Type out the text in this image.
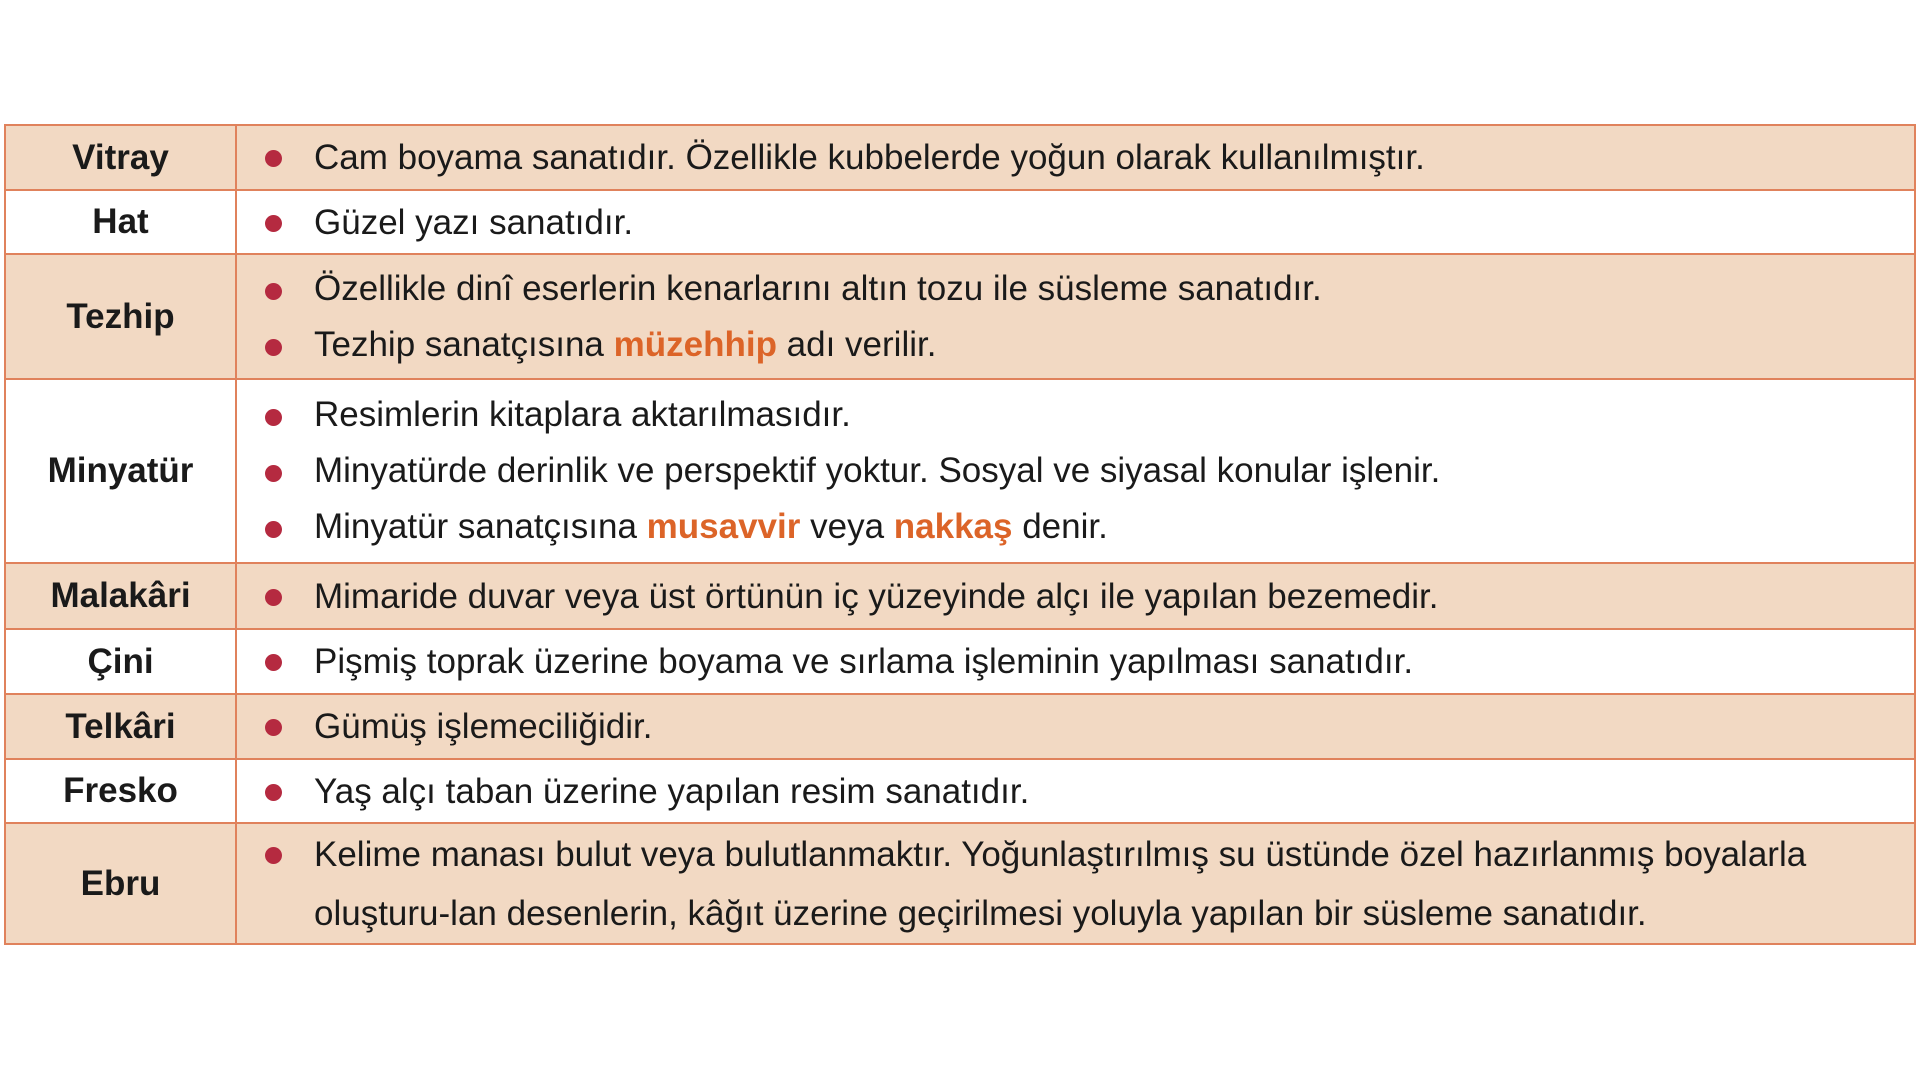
Vitray	Cam boyama sanatıdır. Özellikle kubbelerde yoğun olarak kullanılmıştır.

Hat	Güzel yazı sanatıdır.

Tezhip	Özellikle dinî eserlerin kenarlarını altın tozu ile süsleme sanatıdır.
Tezhip sanatçısına müzehhip adı verilir.

Minyatür	Resimlerin kitaplara aktarılmasıdır.
Minyatürde derinlik ve perspektif yoktur. Sosyal ve siyasal konular işlenir.
Minyatür sanatçısına musavvir veya nakkaş denir.

Malakâri	Mimaride duvar veya üst örtünün iç yüzeyinde alçı ile yapılan bezemedir.

Çini	Pişmiş toprak üzerine boyama ve sırlama işleminin yapılması sanatıdır.

Telkâri	Gümüş işlemeciliğidir.

Fresko	Yaş alçı taban üzerine yapılan resim sanatıdır.

Ebru	Kelime manası bulut veya bulutlanmaktır. Yoğunlaştırılmış su üstünde özel hazırlanmış boyalarla oluşturu-lan desenlerin, kâğıt üzerine geçirilmesi yoluyla yapılan bir süsleme sanatıdır.
